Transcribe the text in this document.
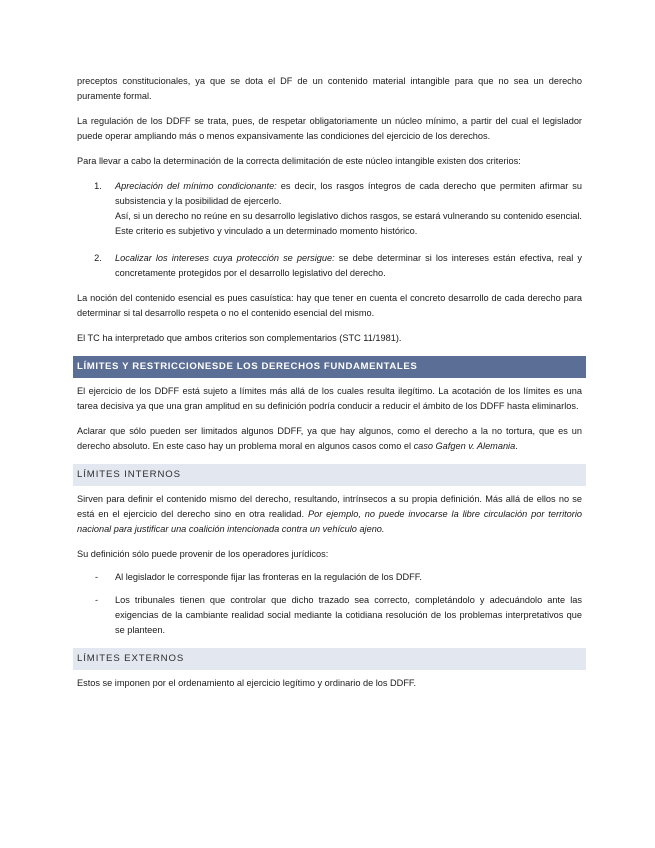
preceptos constitucionales, ya que se dota el DF de un contenido material intangible para que no sea un derecho puramente formal.

La regulación de los DDFF se trata, pues, de respetar obligatoriamente un núcleo mínimo, a partir del cual el legislador puede operar ampliando más o menos expansivamente las condiciones del ejercicio de los derechos.

Para llevar a cabo la determinación de la correcta delimitación de este núcleo intangible existen dos criterios:

1.	Apreciación del mínimo condicionante: es decir, los rasgos íntegros de cada derecho que permiten afirmar su subsistencia y la posibilidad de ejercerlo.
Así, si un derecho no reúne en su desarrollo legislativo dichos rasgos, se estará vulnerando su contenido esencial. Este criterio es subjetivo y vinculado a un determinado momento histórico.
2.	Localizar los intereses cuya protección se persigue: se debe determinar si los intereses están efectiva, real y concretamente protegidos por el desarrollo legislativo del derecho.

La noción del contenido esencial es pues casuística: hay que tener en cuenta el concreto desarrollo de cada derecho para determinar si tal desarrollo respeta o no el contenido esencial del mismo.

El TC ha interpretado que ambos criterios son complementarios (STC 11/1981).

LÍMITES Y RESTRICCIONESDE LOS DERECHOS FUNDAMENTALES

El ejercicio de los DDFF está sujeto a límites más allá de los cuales resulta ilegítimo. La acotación de los límites es una tarea decisiva ya que una gran amplitud en su definición podría conducir a reducir el ámbito de los DDFF hasta eliminarlos.

Aclarar que sólo pueden ser limitados algunos DDFF, ya que hay algunos, como el derecho a la no tortura, que es un derecho absoluto. En este caso hay un problema moral en algunos casos como el caso Gafgen v. Alemania.

LÍMITES INTERNOS

Sirven para definir el contenido mismo del derecho, resultando, intrínsecos a su propia definición. Más allá de ellos no se está en el ejercicio del derecho sino en otra realidad. Por ejemplo, no puede invocarse la libre circulación por territorio nacional para justificar una coalición intencionada contra un vehículo ajeno.

Su definición sólo puede provenir de los operadores jurídicos:

-	Al legislador le corresponde fijar las fronteras en la regulación de los DDFF.
-	Los tribunales tienen que controlar que dicho trazado sea correcto, completándolo y adecuándolo ante las exigencias de la cambiante realidad social mediante la cotidiana resolución de los problemas interpretativos que se planteen.
LÍMITES EXTERNOS

Estos se imponen por el ordenamiento al ejercicio legítimo y ordinario de los DDFF.
